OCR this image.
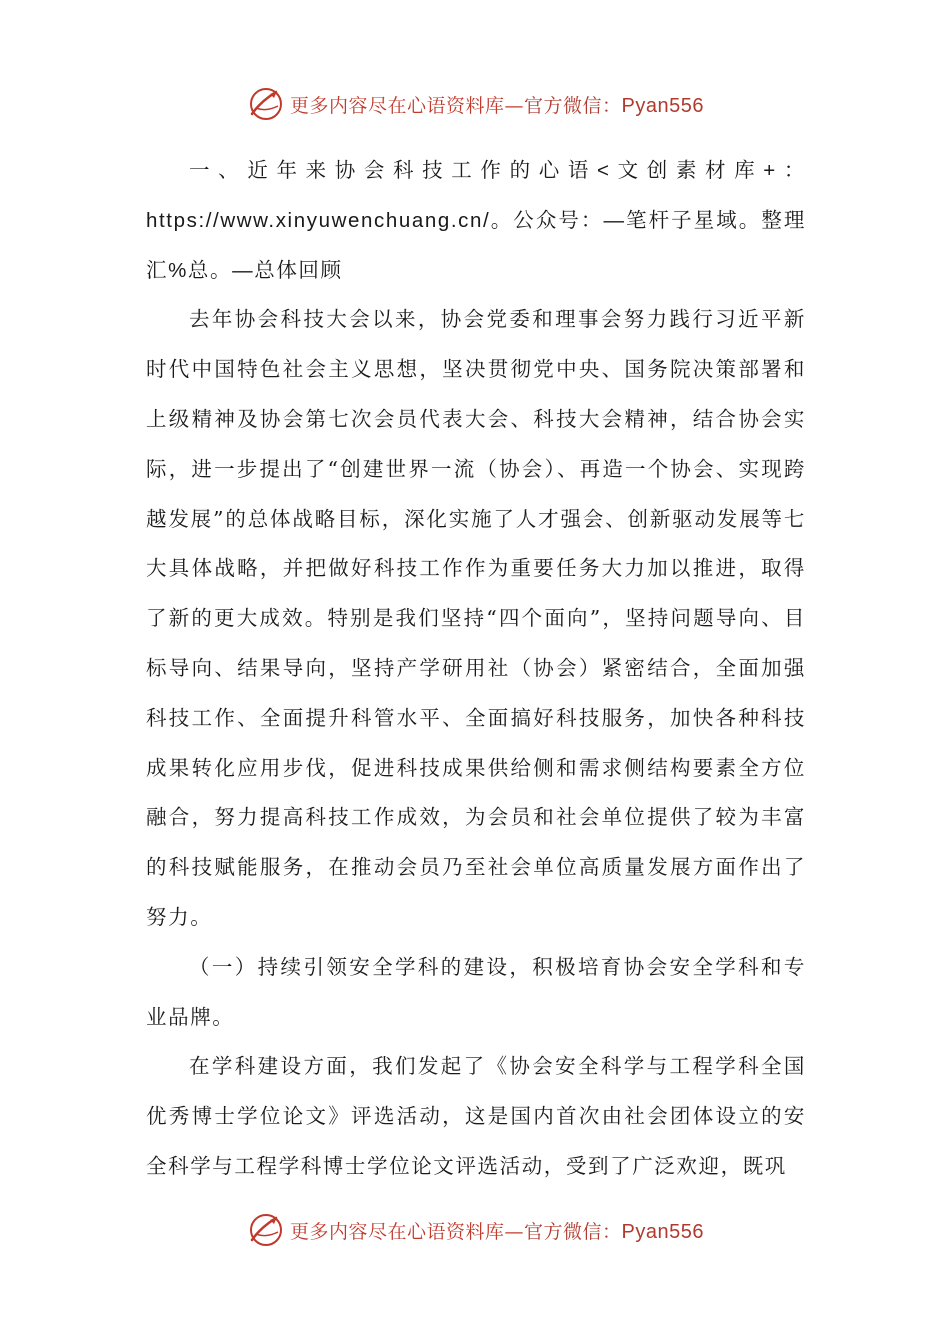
更多内容尽在心语资料库—官方微信：Pyan556

一、近年来协会科技工作的心语<文创素材库+：https://www.xinyuwenchuang.cn/。公众号：—笔杆子星域。整理汇%总。—总体回顾

去年协会科技大会以来，协会党委和理事会努力践行习近平新时代中国特色社会主义思想，坚决贯彻党中央、国务院决策部署和上级精神及协会第七次会员代表大会、科技大会精神，结合协会实际，进一步提出了“创建世界一流（协会）、再造一个协会、实现跨越发展”的总体战略目标，深化实施了人才强会、创新驱动发展等七大具体战略，并把做好科技工作作为重要任务大力加以推进，取得了新的更大成效。特别是我们坚持“四个面向”，坚持问题导向、目标导向、结果导向，坚持产学研用社（协会）紧密结合，全面加强科技工作、全面提升科管水平、全面搞好科技服务，加快各种科技成果转化应用步伐，促进科技成果供给侧和需求侧结构要素全方位融合，努力提高科技工作成效，为会员和社会单位提供了较为丰富的科技赋能服务，在推动会员乃至社会单位高质量发展方面作出了努力。

（一）持续引领安全学科的建设，积极培育协会安全学科和专业品牌。

在学科建设方面，我们发起了《协会安全科学与工程学科全国优秀博士学位论文》评选活动，这是国内首次由社会团体设立的安全科学与工程学科博士学位论文评选活动，受到了广泛欢迎，既巩

更多内容尽在心语资料库—官方微信：Pyan556
